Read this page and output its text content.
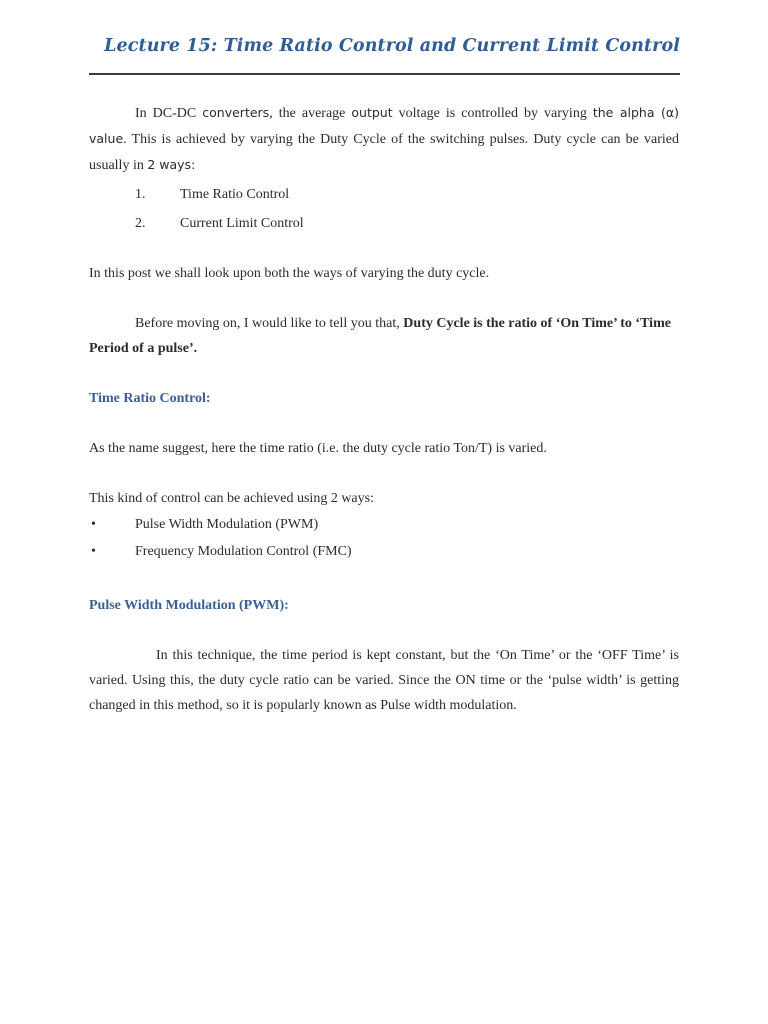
Lecture 15: Time Ratio Control and Current Limit Control

In DC-DC converters, the average output voltage is controlled by varying the alpha (α) value. This is achieved by varying the Duty Cycle of the switching pulses. Duty cycle can be varied usually in 2 ways:

1.	Time Ratio Control
2.	Current Limit Control

In this post we shall look upon both the ways of varying the duty cycle.

Before moving on, I would like to tell you that, Duty Cycle is the ratio of ‘On Time’ to ‘Time Period of a pulse’.

Time Ratio Control:

As the name suggest, here the time ratio (i.e. the duty cycle ratio Ton/T) is varied.

This kind of control can be achieved using 2 ways:

•	Pulse Width Modulation (PWM)
•	Frequency Modulation Control (FMC)

Pulse Width Modulation (PWM):

In this technique, the time period is kept constant, but the ‘On Time’ or the ‘OFF Time’ is varied. Using this, the duty cycle ratio can be varied. Since the ON time or the ‘pulse width’ is getting changed in this method, so it is popularly known as Pulse width modulation.
